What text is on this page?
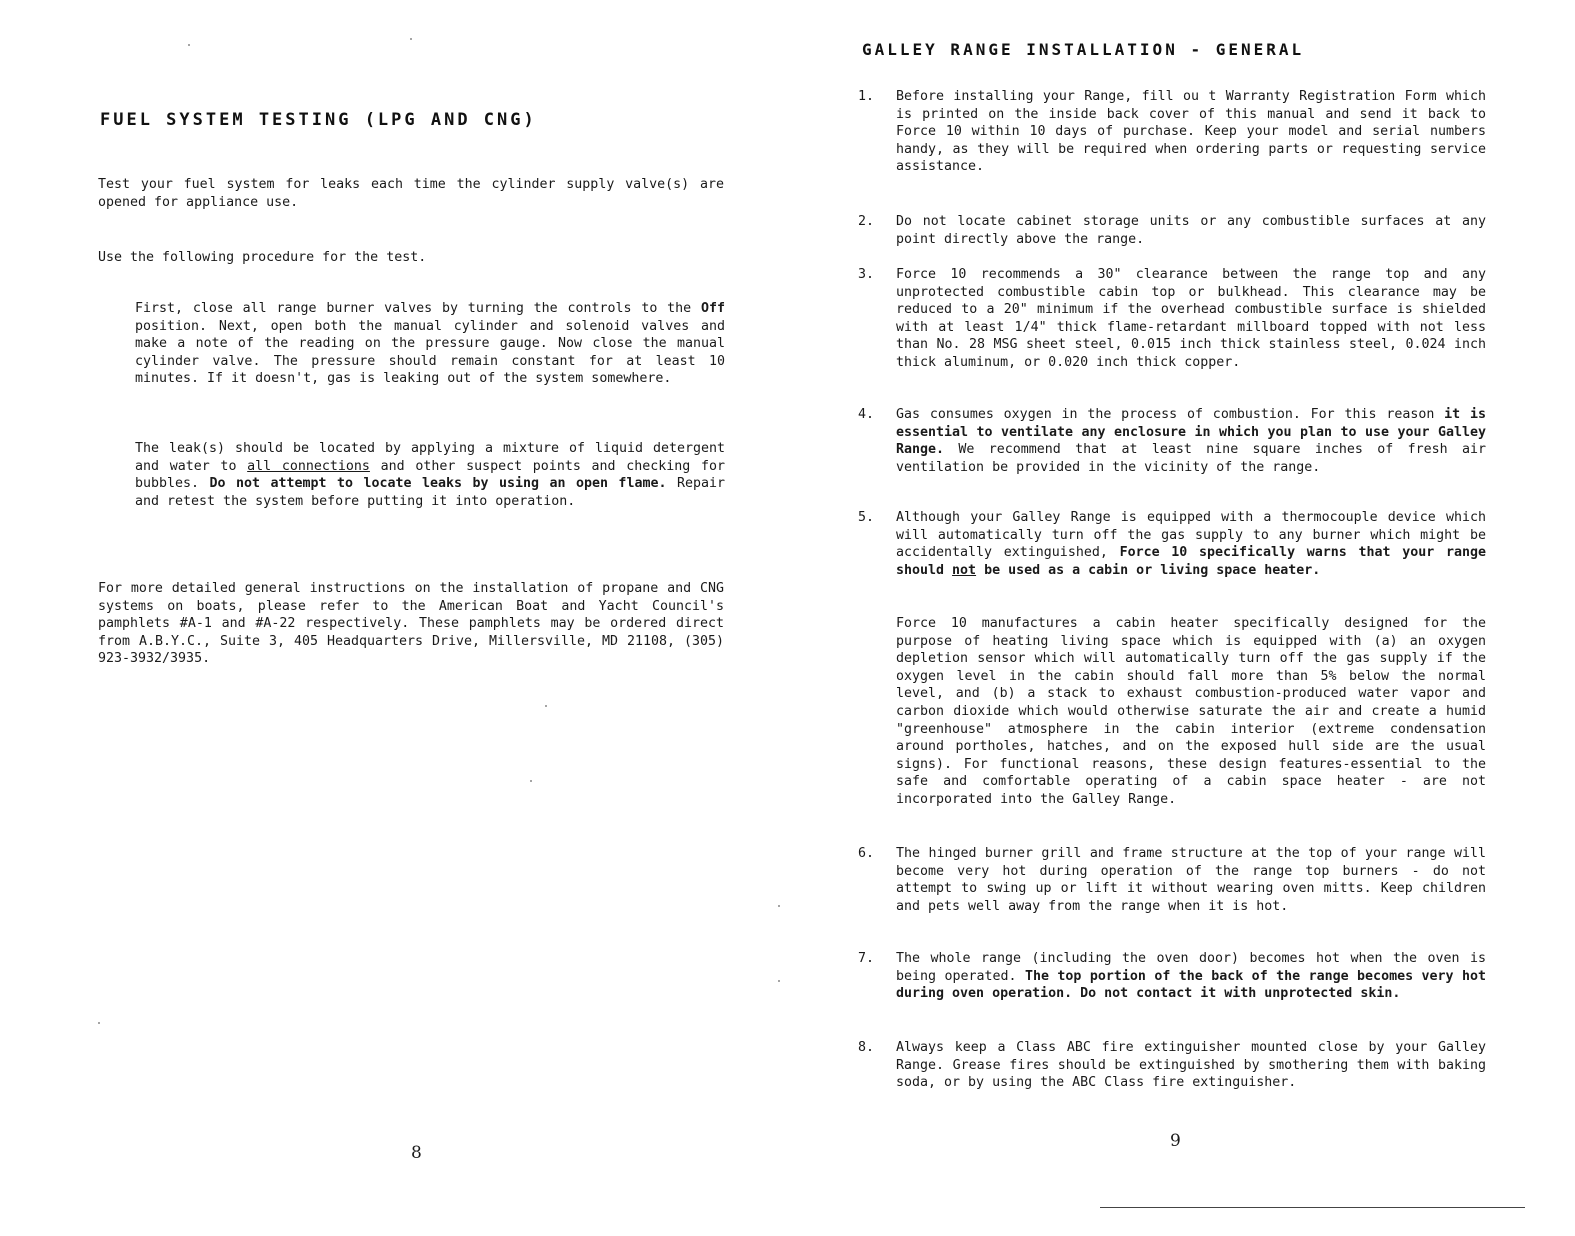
FUEL SYSTEM TESTING (LPG AND CNG)

Test your fuel system for leaks each time the cylinder supply valve(s) are opened for appliance use.

Use the following procedure for the test.

First, close all range burner valves by turning the controls to the Off position. Next, open both the manual cylinder and solenoid valves and make a note of the reading on the pressure gauge. Now close the manual cylinder valve. The pressure should remain constant for at least 10 minutes. If it doesn't, gas is leaking out of the system somewhere.

The leak(s) should be located by applying a mixture of liquid detergent and water to all connections and other suspect points and checking for bubbles. Do not attempt to locate leaks by using an open flame. Repair and retest the system before putting it into operation.

For more detailed general instructions on the installation of propane and CNG systems on boats, please refer to the American Boat and Yacht Council's pamphlets #A-1 and #A-22 respectively. These pamphlets may be ordered direct from A.B.Y.C., Suite 3, 405 Headquarters Drive, Millersville, MD 21108, (305) 923-3932/3935.

8
GALLEY RANGE INSTALLATION - GENERAL
1. Before installing your Range, fill ou t Warranty Registration Form which is printed on the inside back cover of this manual and send it back to Force 10 within 10 days of purchase. Keep your model and serial numbers handy, as they will be required when ordering parts or requesting service assistance.

2. Do not locate cabinet storage units or any combustible surfaces at any point directly above the range.

3. Force 10 recommends a 30" clearance between the range top and any unprotected combustible cabin top or bulkhead. This clearance may be reduced to a 20" minimum if the overhead combustible surface is shielded with at least 1/4" thick flame-retardant millboard topped with not less than No. 28 MSG sheet steel, 0.015 inch thick stainless steel, 0.024 inch thick aluminum, or 0.020 inch thick copper.

4. Gas consumes oxygen in the process of combustion. For this reason it is essential to ventilate any enclosure in which you plan to use your Galley Range. We recommend that at least nine square inches of fresh air ventilation be provided in the vicinity of the range.

5. Although your Galley Range is equipped with a thermocouple device which will automatically turn off the gas supply to any burner which might be accidentally extinguished, Force 10 specifically warns that your range should not be used as a cabin or living space heater.

Force 10 manufactures a cabin heater specifically designed for the purpose of heating living space which is equipped with (a) an oxygen depletion sensor which will automatically turn off the gas supply if the oxygen level in the cabin should fall more than 5% below the normal level, and (b) a stack to exhaust combustion-produced water vapor and carbon dioxide which would otherwise saturate the air and create a humid "greenhouse" atmosphere in the cabin interior (extreme condensation around portholes, hatches, and on the exposed hull side are the usual signs). For functional reasons, these design features-essential to the safe and comfortable operating of a cabin space heater - are not incorporated into the Galley Range.

6. The hinged burner grill and frame structure at the top of your range will become very hot during operation of the range top burners - do not attempt to swing up or lift it without wearing oven mitts. Keep children and pets well away from the range when it is hot.

7. The whole range (including the oven door) becomes hot when the oven is being operated. The top portion of the back of the range becomes very hot during oven operation. Do not contact it with unprotected skin.

8. Always keep a Class ABC fire extinguisher mounted close by your Galley Range. Grease fires should be extinguished by smothering them with baking soda, or by using the ABC Class fire extinguisher.

9
